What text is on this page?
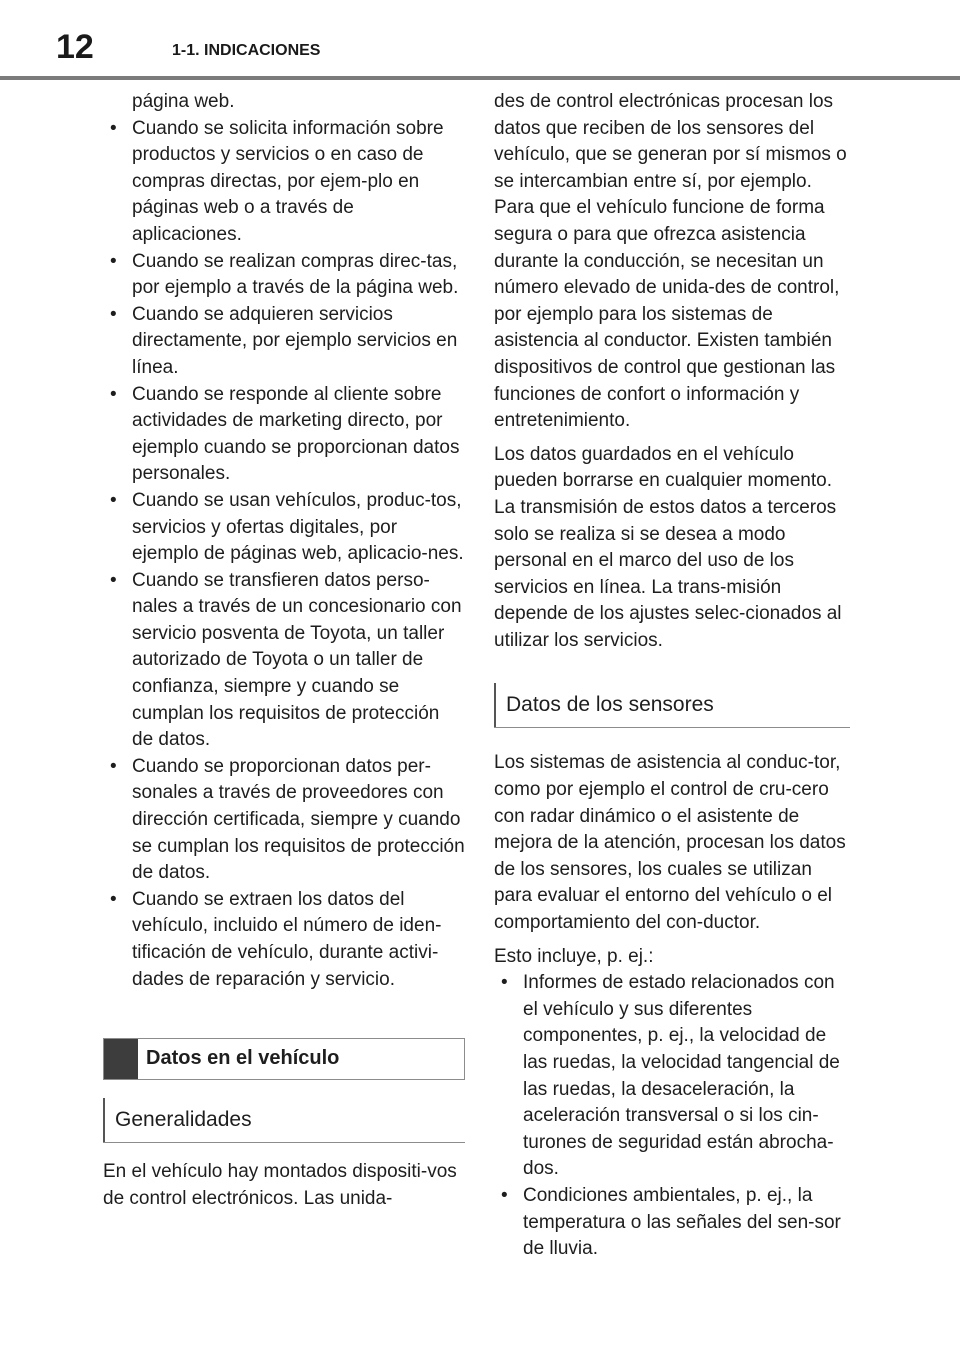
12	1-1. INDICACIONES

página web.

• Cuando se solicita información sobre productos y servicios o en caso de compras directas, por ejem-plo en páginas web o a través de aplicaciones.
• Cuando se realizan compras direc-tas, por ejemplo a través de la página web.
• Cuando se adquieren servicios directamente, por ejemplo servicios en línea.
• Cuando se responde al cliente sobre actividades de marketing directo, por ejemplo cuando se proporcionan datos personales.
• Cuando se usan vehículos, produc-tos, servicios y ofertas digitales, por ejemplo de páginas web, aplicacio-nes.
• Cuando se transfieren datos perso-nales a través de un concesionario con servicio posventa de Toyota, un taller autorizado de Toyota o un taller de confianza, siempre y cuando se cumplan los requisitos de protección de datos.
• Cuando se proporcionan datos per-sonales a través de proveedores con dirección certificada, siempre y cuando se cumplan los requisitos de protección de datos.
• Cuando se extraen los datos del vehículo, incluido el número de iden-tificación de vehículo, durante activi-dades de reparación y servicio.
Datos en el vehículo
Generalidades

En el vehículo hay montados dispositi-vos de control electrónicos. Las unida-

des de control electrónicas procesan los datos que reciben de los sensores del vehículo, que se generan por sí mismos o se intercambian entre sí, por ejemplo. Para que el vehículo funcione de forma segura o para que ofrezca asistencia durante la conducción, se necesitan un número elevado de unida-des de control, por ejemplo para los sistemas de asistencia al conductor. Existen también dispositivos de control que gestionan las funciones de confort o información y entretenimiento.

Los datos guardados en el vehículo pueden borrarse en cualquier momento. La transmisión de estos datos a terceros solo se realiza si se desea a modo personal en el marco del uso de los servicios en línea. La trans-misión depende de los ajustes selec-cionados al utilizar los servicios.

Datos de los sensores

Los sistemas de asistencia al conduc-tor, como por ejemplo el control de cru-cero con radar dinámico o el asistente de mejora de la atención, procesan los datos de los sensores, los cuales se utilizan para evaluar el entorno del vehículo o el comportamiento del con-ductor.

Esto incluye, p. ej.:

• Informes de estado relacionados con el vehículo y sus diferentes componentes, p. ej., la velocidad de las ruedas, la velocidad tangencial de las ruedas, la desaceleración, la aceleración transversal o si los cin-turones de seguridad están abrocha-dos.
• Condiciones ambientales, p. ej., la temperatura o las señales del sen-sor de lluvia.
